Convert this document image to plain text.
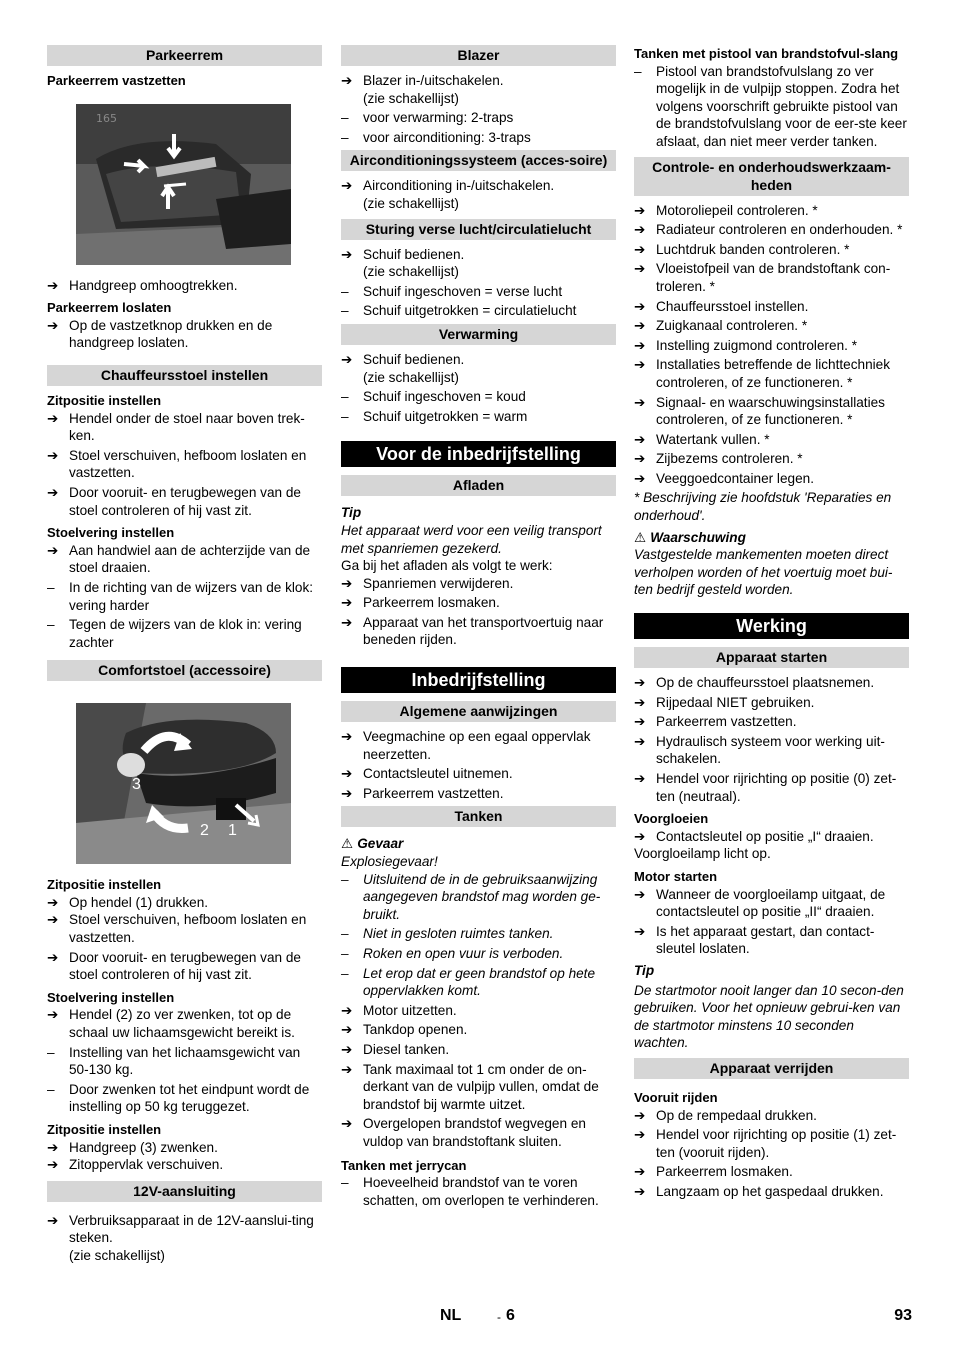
Parkeerrem
Parkeerrem vastzetten
165
➔ Handgreep omhoogtrekken.
Parkeerrem loslaten
➔ Op de vastzetknop drukken en de handgreep loslaten.
Chauffeursstoel instellen
Zitpositie instellen
➔ Hendel onder de stoel naar boven trek-ken.
➔ Stoel verschuiven, hefboom loslaten en vastzetten.
➔ Door vooruit- en terugbewegen van de stoel controleren of hij vast zit.
Stoelvering instellen
➔ Aan handwiel aan de achterzijde van de stoel draaien.
–	In de richting van de wijzers van de klok: vering harder
–	Tegen de wijzers van de klok in: vering zachter
Comfortstoel (accessoire)
3
2 1
Zitpositie instellen
➔ Op hendel (1) drukken.
➔ Stoel verschuiven, hefboom loslaten en vastzetten.
➔ Door vooruit- en terugbewegen van de stoel controleren of hij vast zit.
Stoelvering instellen
➔ Hendel (2) zo ver zwenken, tot op de schaal uw lichaamsgewicht bereikt is.
–	Instelling van het lichaamsgewicht van 50-130 kg.
–	Door zwenken tot het eindpunt wordt de instelling op 50 kg teruggezet.
Zitpositie instellen
➔ Handgreep (3) zwenken.
➔ Zitoppervlak verschuiven.
12V-aansluiting
➔ Verbruiksapparaat in de 12V-aanslui-ting steken.
(zie schakellijst)
Blazer
➔ Blazer in-/uitschakelen.
(zie schakellijst)
–	voor verwarming: 2-traps
–	voor airconditioning: 3-traps
Airconditioningssysteem (acces-soire)
➔ Airconditioning in-/uitschakelen.
(zie schakellijst)
Sturing verse lucht/circulatielucht
➔ Schuif bedienen.
(zie schakellijst)
–	Schuif ingeschoven = verse lucht
–	Schuif uitgetrokken = circulatielucht
Verwarming
➔ Schuif bedienen.
(zie schakellijst)
–	Schuif ingeschoven = koud
–	Schuif uitgetrokken = warm
Voor de inbedrijfstelling
Afladen
Tip
Het apparaat werd voor een veilig transport met spanriemen gezekerd.
Ga bij het afladen als volgt te werk:
➔ Spanriemen verwijderen.
➔ Parkeerrem losmaken.
➔ Apparaat van het transportvoertuig naar beneden rijden.
Inbedrijfstelling
Algemene aanwijzingen
➔ Veegmachine op een egaal oppervlak neerzetten.
➔ Contactsleutel uitnemen.
➔ Parkeerrem vastzetten.
Tanken
⚠ Gevaar
Explosiegevaar!
–	Uitsluitend de in de gebruiksaanwijzing aangegeven brandstof mag worden ge-bruikt.
–	Niet in gesloten ruimtes tanken.
–	Roken en open vuur is verboden.
–	Let erop dat er geen brandstof op hete oppervlakken komt.
➔ Motor uitzetten.
➔ Tankdop openen.
➔ Diesel tanken.
➔ Tank maximaal tot 1 cm onder de on-derkant van de vulpijp vullen, omdat de brandstof bij warmte uitzet.
➔ Overgelopen brandstof wegvegen en vuldop van brandstoftank sluiten.
Tanken met jerrycan
–	Hoeveelheid brandstof van te voren schatten, om overlopen te verhinderen.
Tanken met pistool van brandstofvul-slang
–	Pistool van brandstofvulslang zo ver mogelijk in de vulpijp stoppen. Zodra het volgens voorschrift gebruikte pistool van de brandstofvulslang voor de eer-ste keer afslaat, dan niet meer verder tanken.
Controle- en onderhoudswerkzaam-heden
➔ Motoroliepeil controleren. *
➔ Radiateur controleren en onderhouden. *
➔ Luchtdruk banden controleren. *
➔ Vloeistofpeil van de brandstoftank con-troleren. *
➔ Chauffeursstoel instellen.
➔ Zuigkanaal controleren. *
➔ Instelling zuigmond controleren. *
➔ Installaties betreffende de lichttechniek controleren, of ze functioneren. *
➔ Signaal- en waarschuwingsinstallaties controleren, of ze functioneren. *
➔ Watertank vullen. *
➔ Zijbezems controleren. *
➔ Veeggoedcontainer legen.
* Beschrijving zie hoofdstuk 'Reparaties en onderhoud'.
⚠ Waarschuwing
Vastgestelde mankementen moeten direct verholpen worden of het voertuig moet bui-ten bedrijf gesteld worden.
Werking
Apparaat starten
➔ Op de chauffeursstoel plaatsnemen.
➔ Rijpedaal NIET gebruiken.
➔ Parkeerrem vastzetten.
➔ Hydraulisch systeem voor werking uit-schakelen.
➔ Hendel voor rijrichting op positie (0) zet-ten (neutraal).
Voorgloeien
➔ Contactsleutel op positie „I“ draaien.
Voorgloeilamp licht op.
Motor starten
➔ Wanneer de voorgloeilamp uitgaat, de contactsleutel op positie „II“ draaien.
➔ Is het apparaat gestart, dan contact-sleutel loslaten.
Tip
De startmotor nooit langer dan 10 secon-den gebruiken. Voor het opnieuw gebrui-ken van de startmotor minstens 10 seconden wachten.
Apparaat verrijden
Vooruit rijden
➔ Op de rempedaal drukken.
➔ Hendel voor rijrichting op positie (1) zet-ten (vooruit rijden).
➔ Parkeerrem losmaken.
➔ Langzaam op het gaspedaal drukken.
NL	- 6	93
